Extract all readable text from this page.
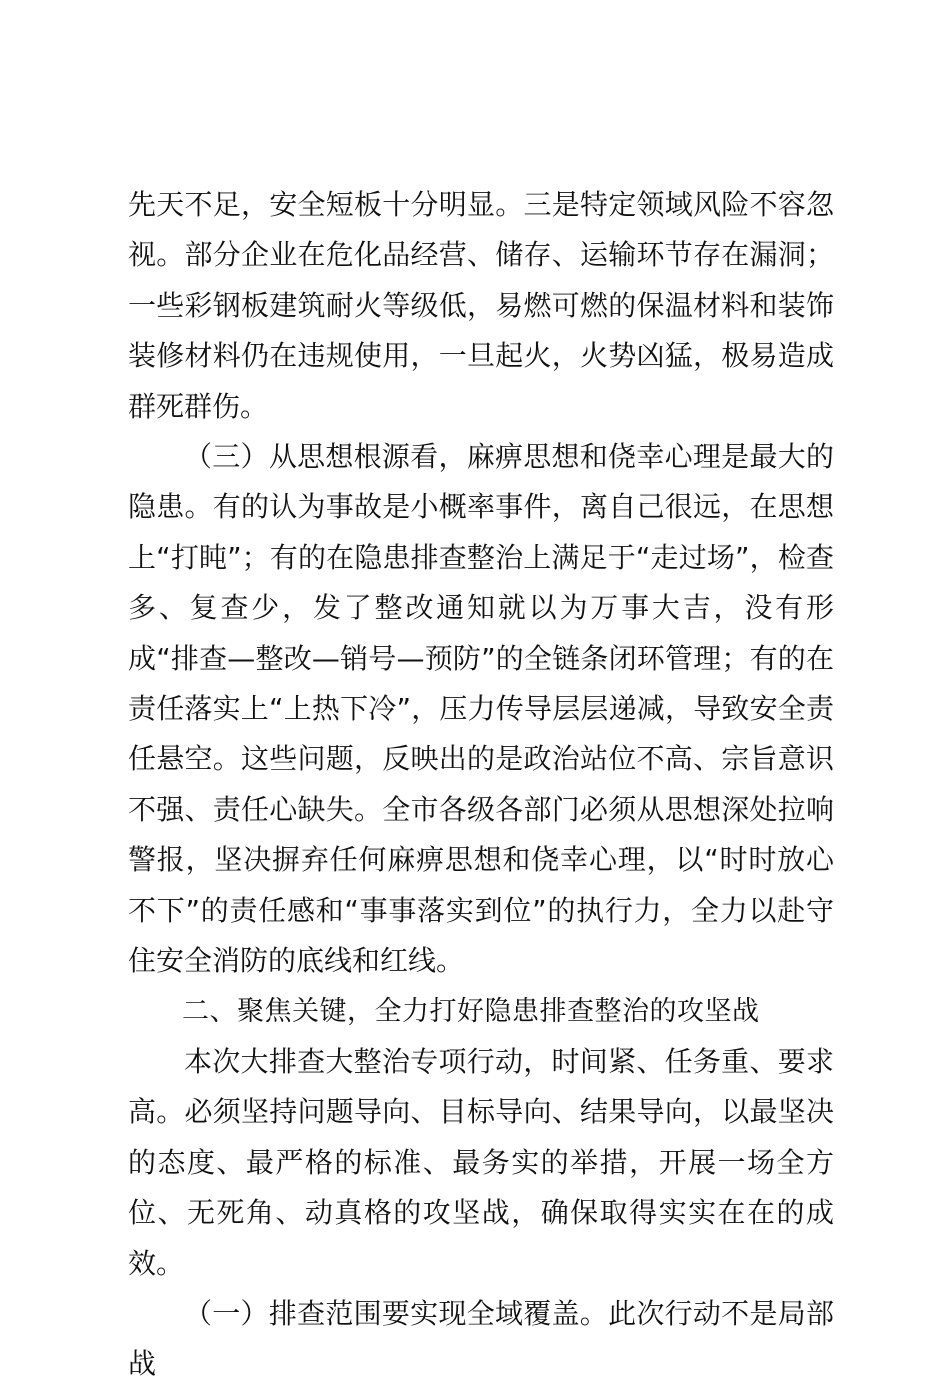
先天不足，安全短板十分明显。三是特定领域风险不容忽视。部分企业在危化品经营、储存、运输环节存在漏洞；一些彩钢板建筑耐火等级低，易燃可燃的保温材料和装饰装修材料仍在违规使用，一旦起火，火势凶猛，极易造成群死群伤。

（三）从思想根源看，麻痹思想和侥幸心理是最大的隐患。有的认为事故是小概率事件，离自己很远，在思想上“打盹”；有的在隐患排查整治上满足于“走过场”，检查多、复查少，发了整改通知就以为万事大吉，没有形成“排查—整改—销号—预防”的全链条闭环管理；有的在责任落实上“上热下冷”，压力传导层层递减，导致安全责任悬空。这些问题，反映出的是政治站位不高、宗旨意识不强、责任心缺失。全市各级各部门必须从思想深处拉响警报，坚决摒弃任何麻痹思想和侥幸心理，以“时时放心不下”的责任感和“事事落实到位”的执行力，全力以赴守住安全消防的底线和红线。

二、聚焦关键，全力打好隐患排查整治的攻坚战

本次大排查大整治专项行动，时间紧、任务重、要求高。必须坚持问题导向、目标导向、结果导向，以最坚决的态度、最严格的标准、最务实的举措，开展一场全方位、无死角、动真格的攻坚战，确保取得实实在在的成效。

（一）排查范围要实现全域覆盖。此次行动不是局部战
